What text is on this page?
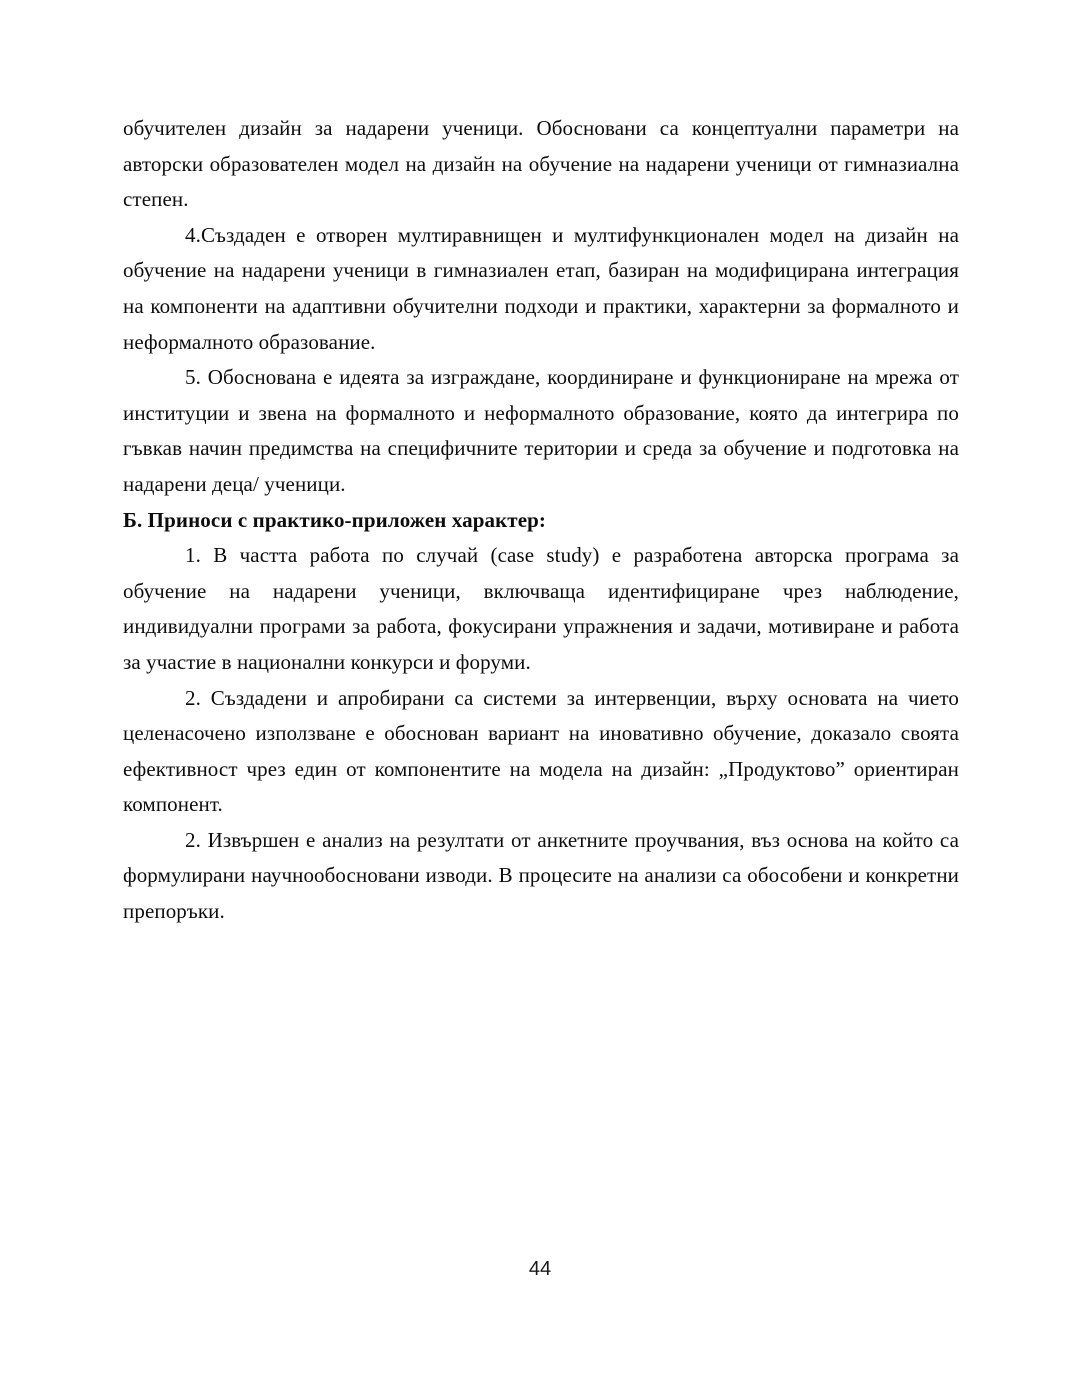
обучителен дизайн за надарени ученици. Обосновани са концептуални параметри на авторски образователен модел на дизайн на обучение на надарени ученици от гимназиална степен.

4.Създаден е отворен мултиравнищен и мултифункционален модел на дизайн на обучение на надарени ученици в гимназиален етап, базиран на модифицирана интеграция на компоненти на адаптивни обучителни подходи и практики, характерни за формалното и неформалното образование.

5. Обоснована е идеята за изграждане, координиране и функциониране на мрежа от институции и звена на формалното и неформалното образование, която да интегрира по гъвкав начин предимства на специфичните територии и среда за обучение и подготовка на надарени деца/ ученици.

Б. Приноси с практико-приложен характер:

1. В частта работа по случай (case study) е разработена авторска програма за обучение на надарени ученици, включваща идентифициране чрез наблюдение, индивидуални програми за работа, фокусирани упражнения и задачи, мотивиране и работа за участие в национални конкурси и форуми.

2. Създадени и апробирани са системи за интервенции, върху основата на чието целенасочено използване е обоснован вариант на иновативно обучение, доказало своята ефективност чрез един от компонентите на модела на дизайн: „Продуктово” ориентиран компонент.

2. Извършен е анализ на резултати от анкетните проучвания, въз основа на който са формулирани научнообосновани изводи. В процесите на анализи са обособени и конкретни препоръки.

44
